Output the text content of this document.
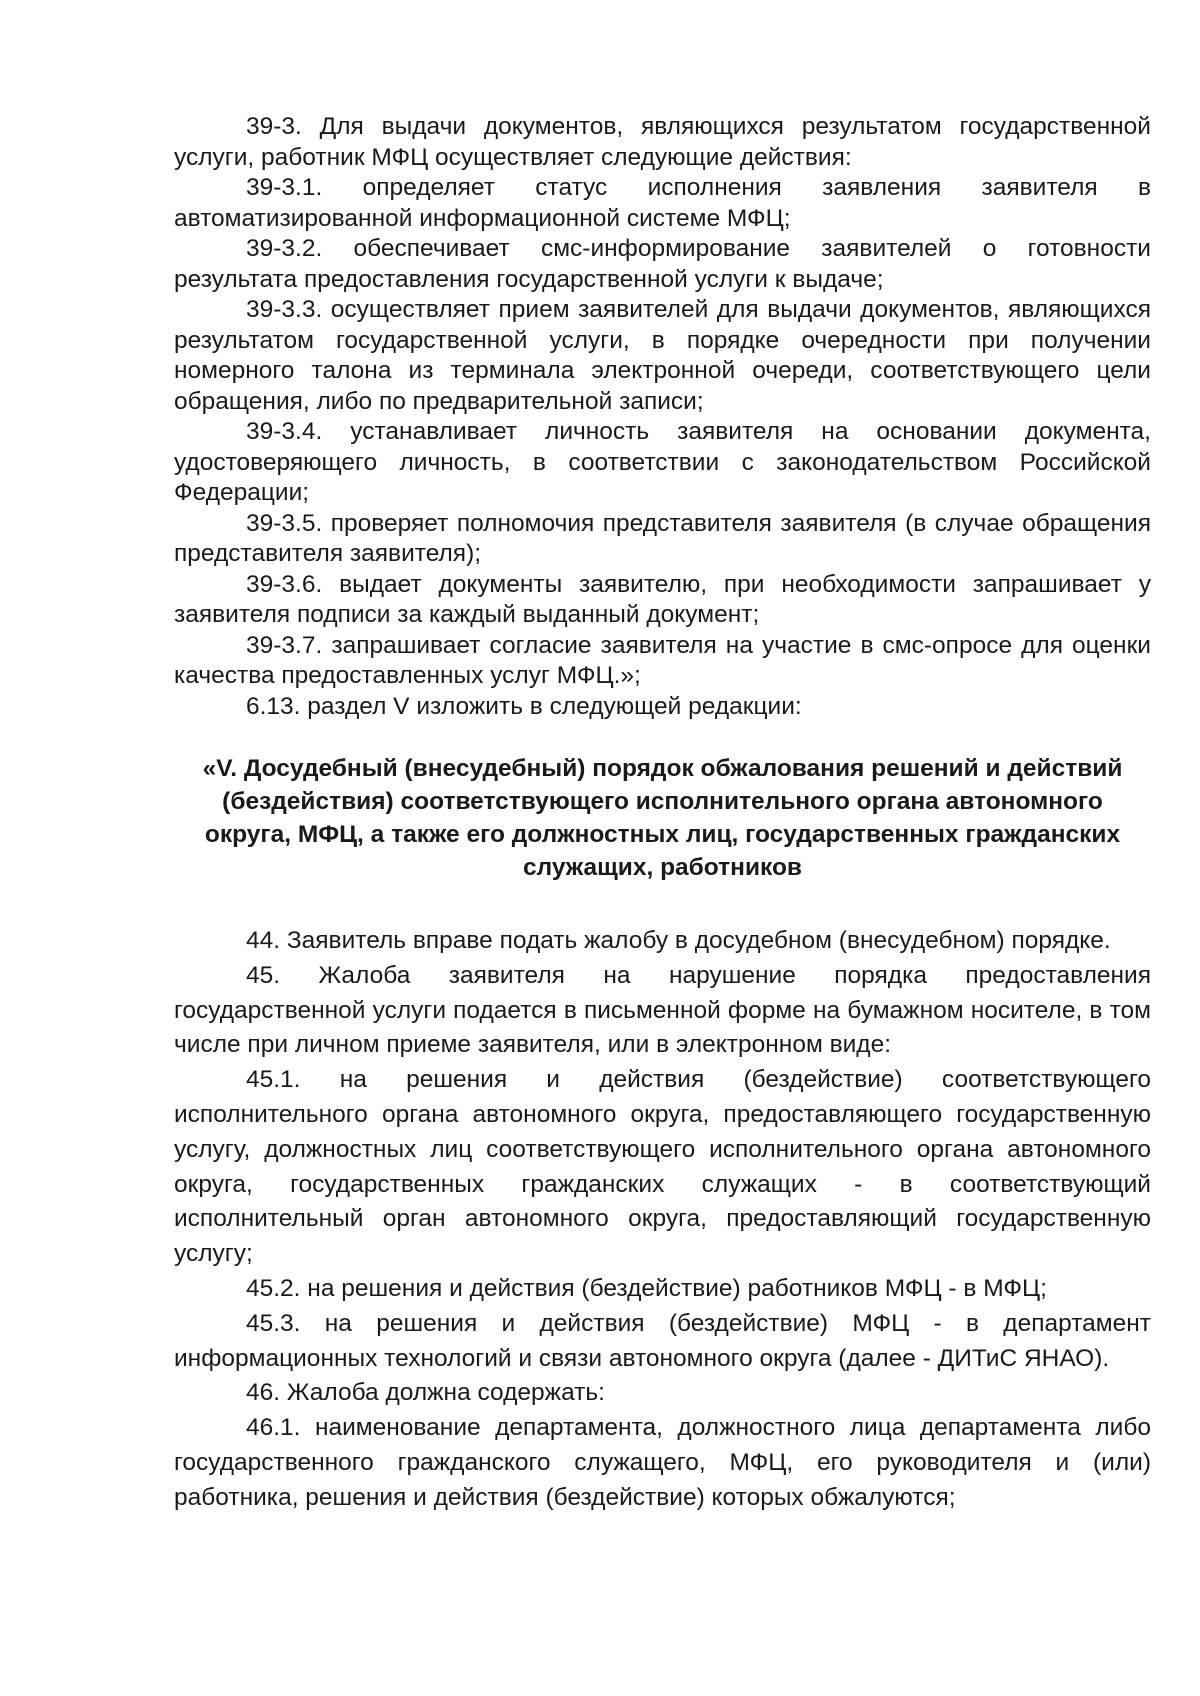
39-3. Для выдачи документов, являющихся результатом государственной услуги, работник МФЦ осуществляет следующие действия:

39-3.1. определяет статус исполнения заявления заявителя в автоматизированной информационной системе МФЦ;

39-3.2. обеспечивает смс-информирование заявителей о готовности результата предоставления государственной услуги к выдаче;

39-3.3. осуществляет прием заявителей для выдачи документов, являющихся результатом государственной услуги, в порядке очередности при получении номерного талона из терминала электронной очереди, соответствующего цели обращения, либо по предварительной записи;

39-3.4. устанавливает личность заявителя на основании документа, удостоверяющего личность, в соответствии с законодательством Российской Федерации;

39-3.5. проверяет полномочия представителя заявителя (в случае обращения представителя заявителя);

39-3.6. выдает документы заявителю, при необходимости запрашивает у заявителя подписи за каждый выданный документ;

39-3.7. запрашивает согласие заявителя на участие в смс-опросе для оценки качества предоставленных услуг МФЦ.»;

6.13. раздел V изложить в следующей редакции:

«V. Досудебный (внесудебный) порядок обжалования решений и действий (бездействия) соответствующего исполнительного органа автономного округа, МФЦ, а также его должностных лиц, государственных гражданских служащих, работников

44. Заявитель вправе подать жалобу в досудебном (внесудебном) порядке.

45. Жалоба заявителя на нарушение порядка предоставления государственной услуги подается в письменной форме на бумажном носителе, в том числе при личном приеме заявителя, или в электронном виде:

45.1. на решения и действия (бездействие) соответствующего исполнительного органа автономного округа, предоставляющего государственную услугу, должностных лиц соответствующего исполнительного органа автономного округа, государственных гражданских служащих - в соответствующий исполнительный орган автономного округа, предоставляющий государственную услугу;

45.2. на решения и действия (бездействие) работников МФЦ - в МФЦ;

45.3. на решения и действия (бездействие) МФЦ - в департамент информационных технологий и связи автономного округа (далее - ДИТиС ЯНАО).

46. Жалоба должна содержать:

46.1. наименование департамента, должностного лица департамента либо государственного гражданского служащего, МФЦ, его руководителя и (или) работника, решения и действия (бездействие) которых обжалуются;
